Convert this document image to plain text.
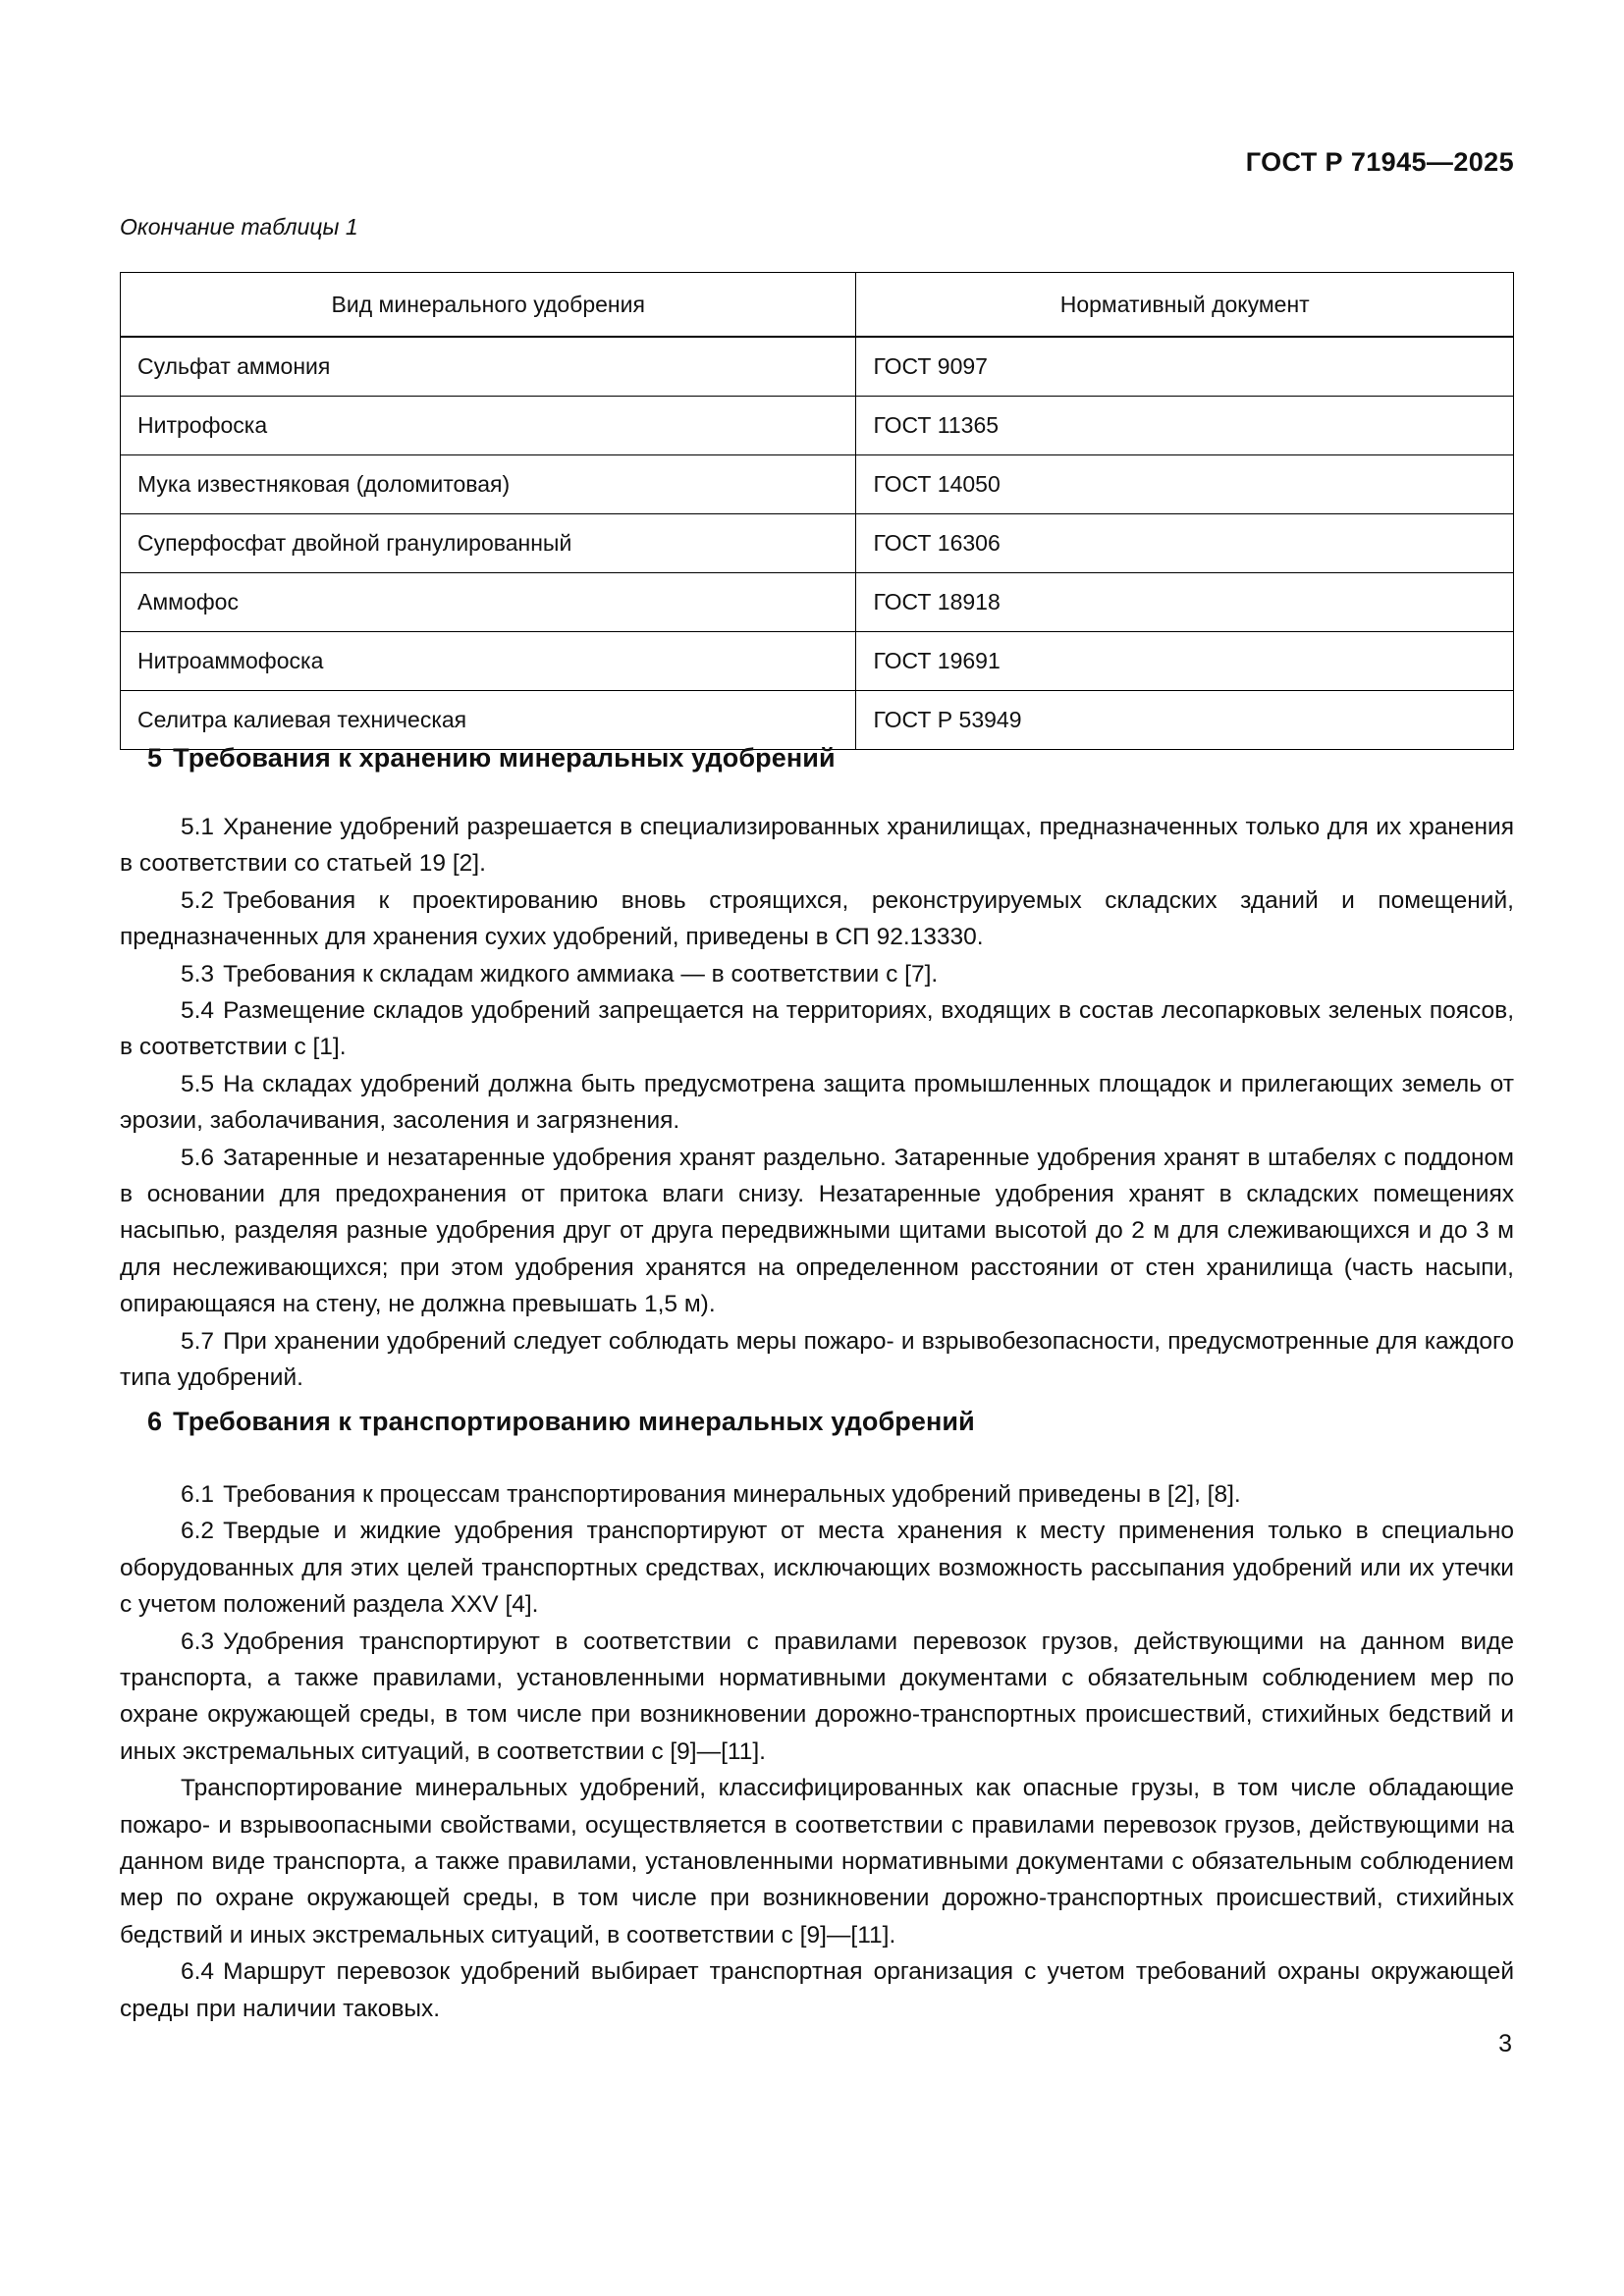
ГОСТ Р 71945—2025
Окончание таблицы 1
Вид минерального удобрения	Нормативный документ
Сульфат аммония	ГОСТ 9097
Нитрофоска	ГОСТ 11365
Мука известняковая (доломитовая)	ГОСТ 14050
Суперфосфат двойной гранулированный	ГОСТ 16306
Аммофос	ГОСТ 18918
Нитроаммофоска	ГОСТ 19691
Селитра калиевая техническая	ГОСТ Р 53949
5 Требования к хранению минеральных удобрений

5.1 Хранение удобрений разрешается в специализированных хранилищах, предназначенных только для их хранения в соответствии со статьей 19 [2].

5.2 Требования к проектированию вновь строящихся, реконструируемых складских зданий и помещений, предназначенных для хранения сухих удобрений, приведены в СП 92.13330.

5.3 Требования к складам жидкого аммиака — в соответствии с [7].

5.4 Размещение складов удобрений запрещается на территориях, входящих в состав лесопарковых зеленых поясов, в соответствии с [1].

5.5 На складах удобрений должна быть предусмотрена защита промышленных площадок и прилегающих земель от эрозии, заболачивания, засоления и загрязнения.

5.6 Затаренные и незатаренные удобрения хранят раздельно. Затаренные удобрения хранят в штабелях с поддоном в основании для предохранения от притока влаги снизу. Незатаренные удобрения хранят в складских помещениях насыпью, разделяя разные удобрения друг от друга передвижными щитами высотой до 2 м для слеживающихся и до 3 м для неслеживающихся; при этом удобрения хранятся на определенном расстоянии от стен хранилища (часть насыпи, опирающаяся на стену, не должна превышать 1,5 м).

5.7 При хранении удобрений следует соблюдать меры пожаро- и взрывобезопасности, предусмотренные для каждого типа удобрений.

6 Требования к транспортированию минеральных удобрений

6.1 Требования к процессам транспортирования минеральных удобрений приведены в [2], [8].

6.2 Твердые и жидкие удобрения транспортируют от места хранения к месту применения только в специально оборудованных для этих целей транспортных средствах, исключающих возможность рассыпания удобрений или их утечки с учетом положений раздела XXV [4].

6.3 Удобрения транспортируют в соответствии с правилами перевозок грузов, действующими на данном виде транспорта, а также правилами, установленными нормативными документами с обязательным соблюдением мер по охране окружающей среды, в том числе при возникновении дорожно-транспортных происшествий, стихийных бедствий и иных экстремальных ситуаций, в соответствии с [9]—[11].

Транспортирование минеральных удобрений, классифицированных как опасные грузы, в том числе обладающие пожаро- и взрывоопасными свойствами, осуществляется в соответствии с правилами перевозок грузов, действующими на данном виде транспорта, а также правилами, установленными нормативными документами с обязательным соблюдением мер по охране окружающей среды, в том числе при возникновении дорожно-транспортных происшествий, стихийных бедствий и иных экстремальных ситуаций, в соответствии с [9]—[11].

6.4 Маршрут перевозок удобрений выбирает транспортная организация с учетом требований охраны окружающей среды при наличии таковых.

3
